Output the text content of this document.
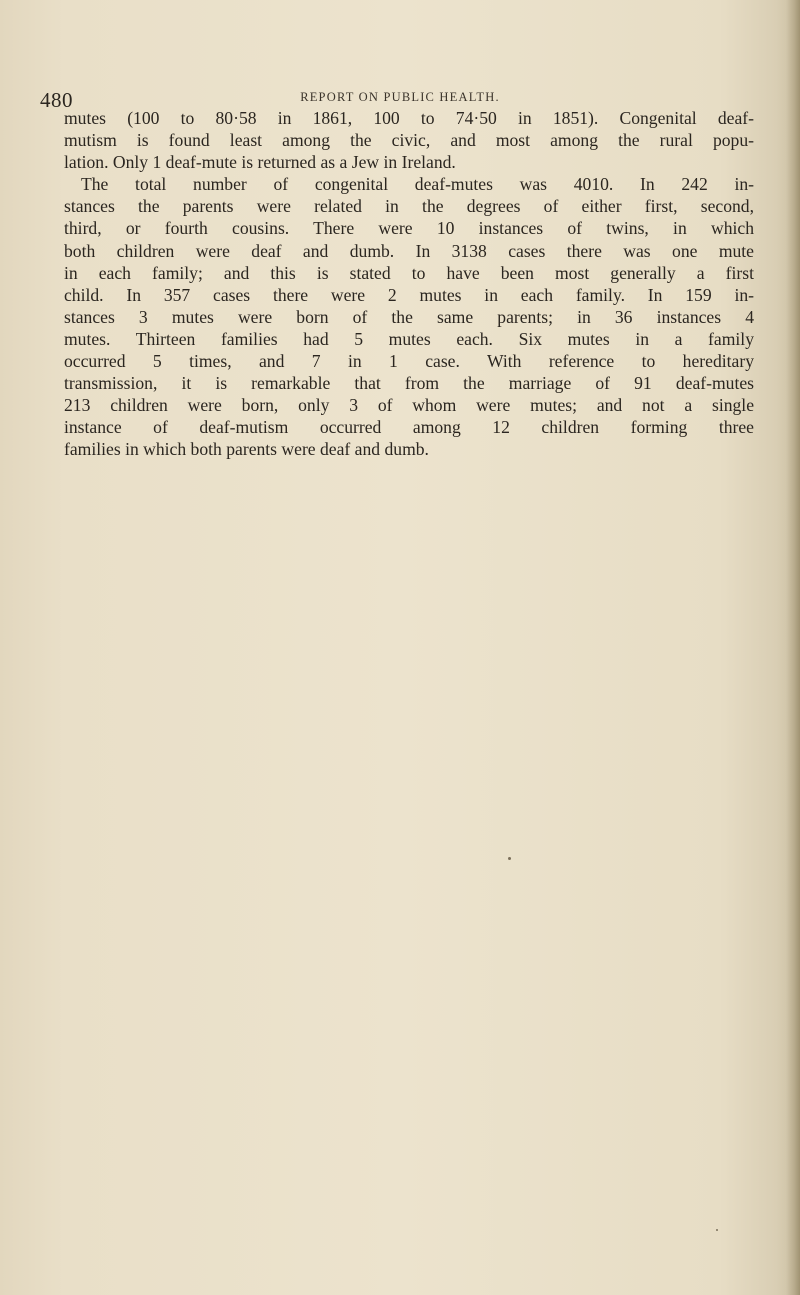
480	REPORT ON PUBLIC HEALTH.
mutes (100 to 80·58 in 1861, 100 to 74·50 in 1851). Congenital deaf-
mutism is found least among the civic, and most among the rural popu-
lation. Only 1 deaf-mute is returned as a Jew in Ireland.
The total number of congenital deaf-mutes was 4010. In 242 in-
stances the parents were related in the degrees of either first, second,
third, or fourth cousins. There were 10 instances of twins, in which
both children were deaf and dumb. In 3138 cases there was one mute
in each family; and this is stated to have been most generally a first
child. In 357 cases there were 2 mutes in each family. In 159 in-
stances 3 mutes were born of the same parents; in 36 instances 4
mutes. Thirteen families had 5 mutes each. Six mutes in a family
occurred 5 times, and 7 in 1 case. With reference to hereditary
transmission, it is remarkable that from the marriage of 91 deaf-mutes
213 children were born, only 3 of whom were mutes; and not a single
instance of deaf-mutism occurred among 12 children forming three
families in which both parents were deaf and dumb.
